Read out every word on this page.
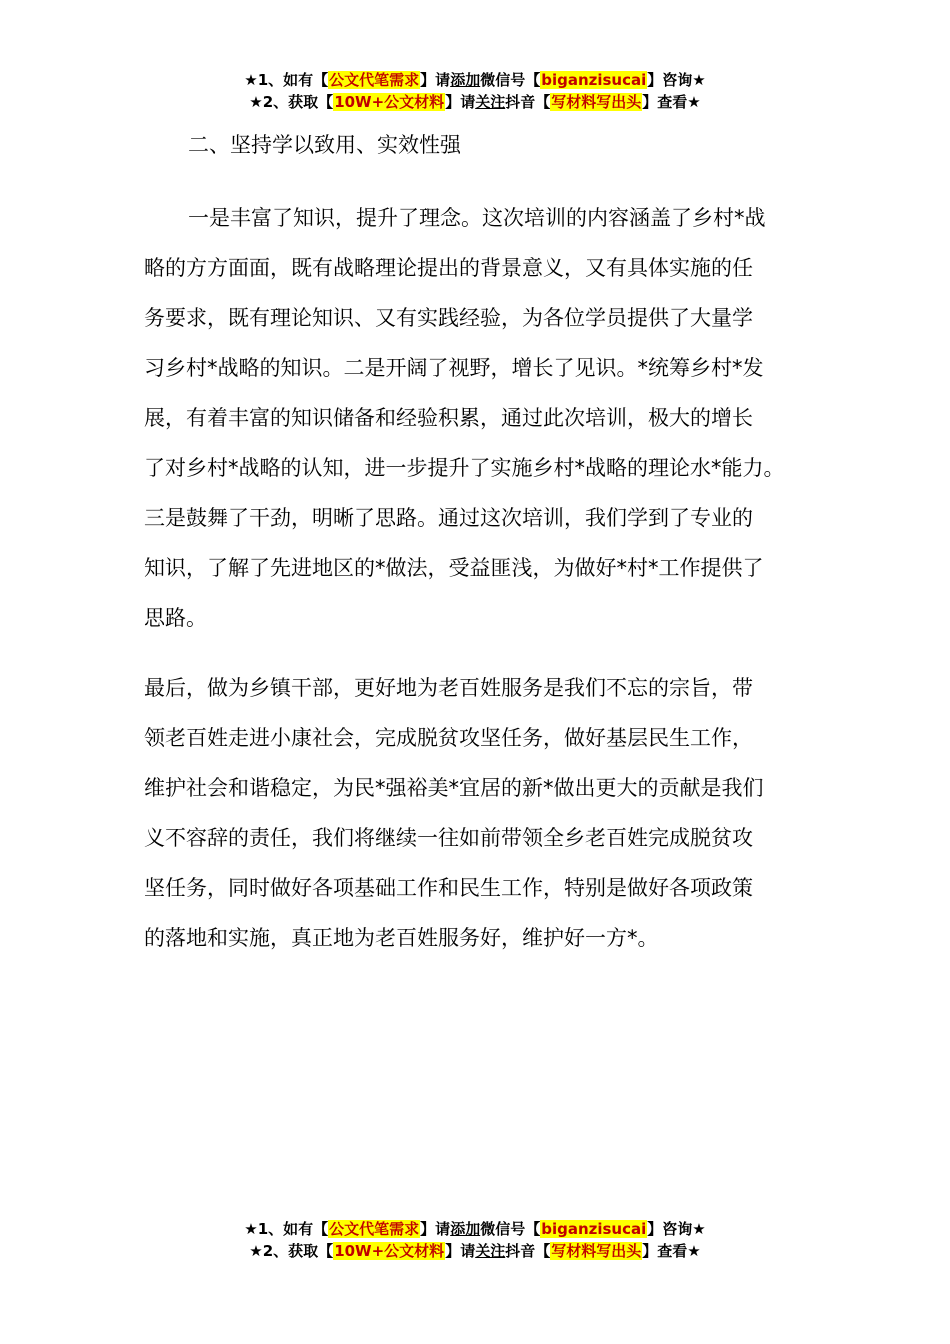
★1、如有【公文代笔需求】请添加微信号【biganzisucai】咨询★
★2、获取【10W+公文材料】请关注抖音【写材料写出头】查看★
二、坚持学以致用、实效性强
一是丰富了知识，提升了理念。这次培训的内容涵盖了乡村*战
略的方方面面，既有战略理论提出的背景意义，又有具体实施的任
务要求，既有理论知识、又有实践经验，为各位学员提供了大量学
习乡村*战略的知识。二是开阔了视野，增长了见识。*统筹乡村*发
展，有着丰富的知识储备和经验积累，通过此次培训，极大的增长
了对乡村*战略的认知，进一步提升了实施乡村*战略的理论水*能力。
三是鼓舞了干劲，明晰了思路。通过这次培训，我们学到了专业的
知识，了解了先进地区的*做法，受益匪浅，为做好*村*工作提供了
思路。
最后，做为乡镇干部，更好地为老百姓服务是我们不忘的宗旨，带
领老百姓走进小康社会，完成脱贫攻坚任务，做好基层民生工作，
维护社会和谐稳定，为民*强裕美*宜居的新*做出更大的贡献是我们
义不容辞的责任，我们将继续一往如前带领全乡老百姓完成脱贫攻
坚任务，同时做好各项基础工作和民生工作，特别是做好各项政策
的落地和实施，真正地为老百姓服务好，维护好一方*。
★1、如有【公文代笔需求】请添加微信号【biganzisucai】咨询★
★2、获取【10W+公文材料】请关注抖音【写材料写出头】查看★
